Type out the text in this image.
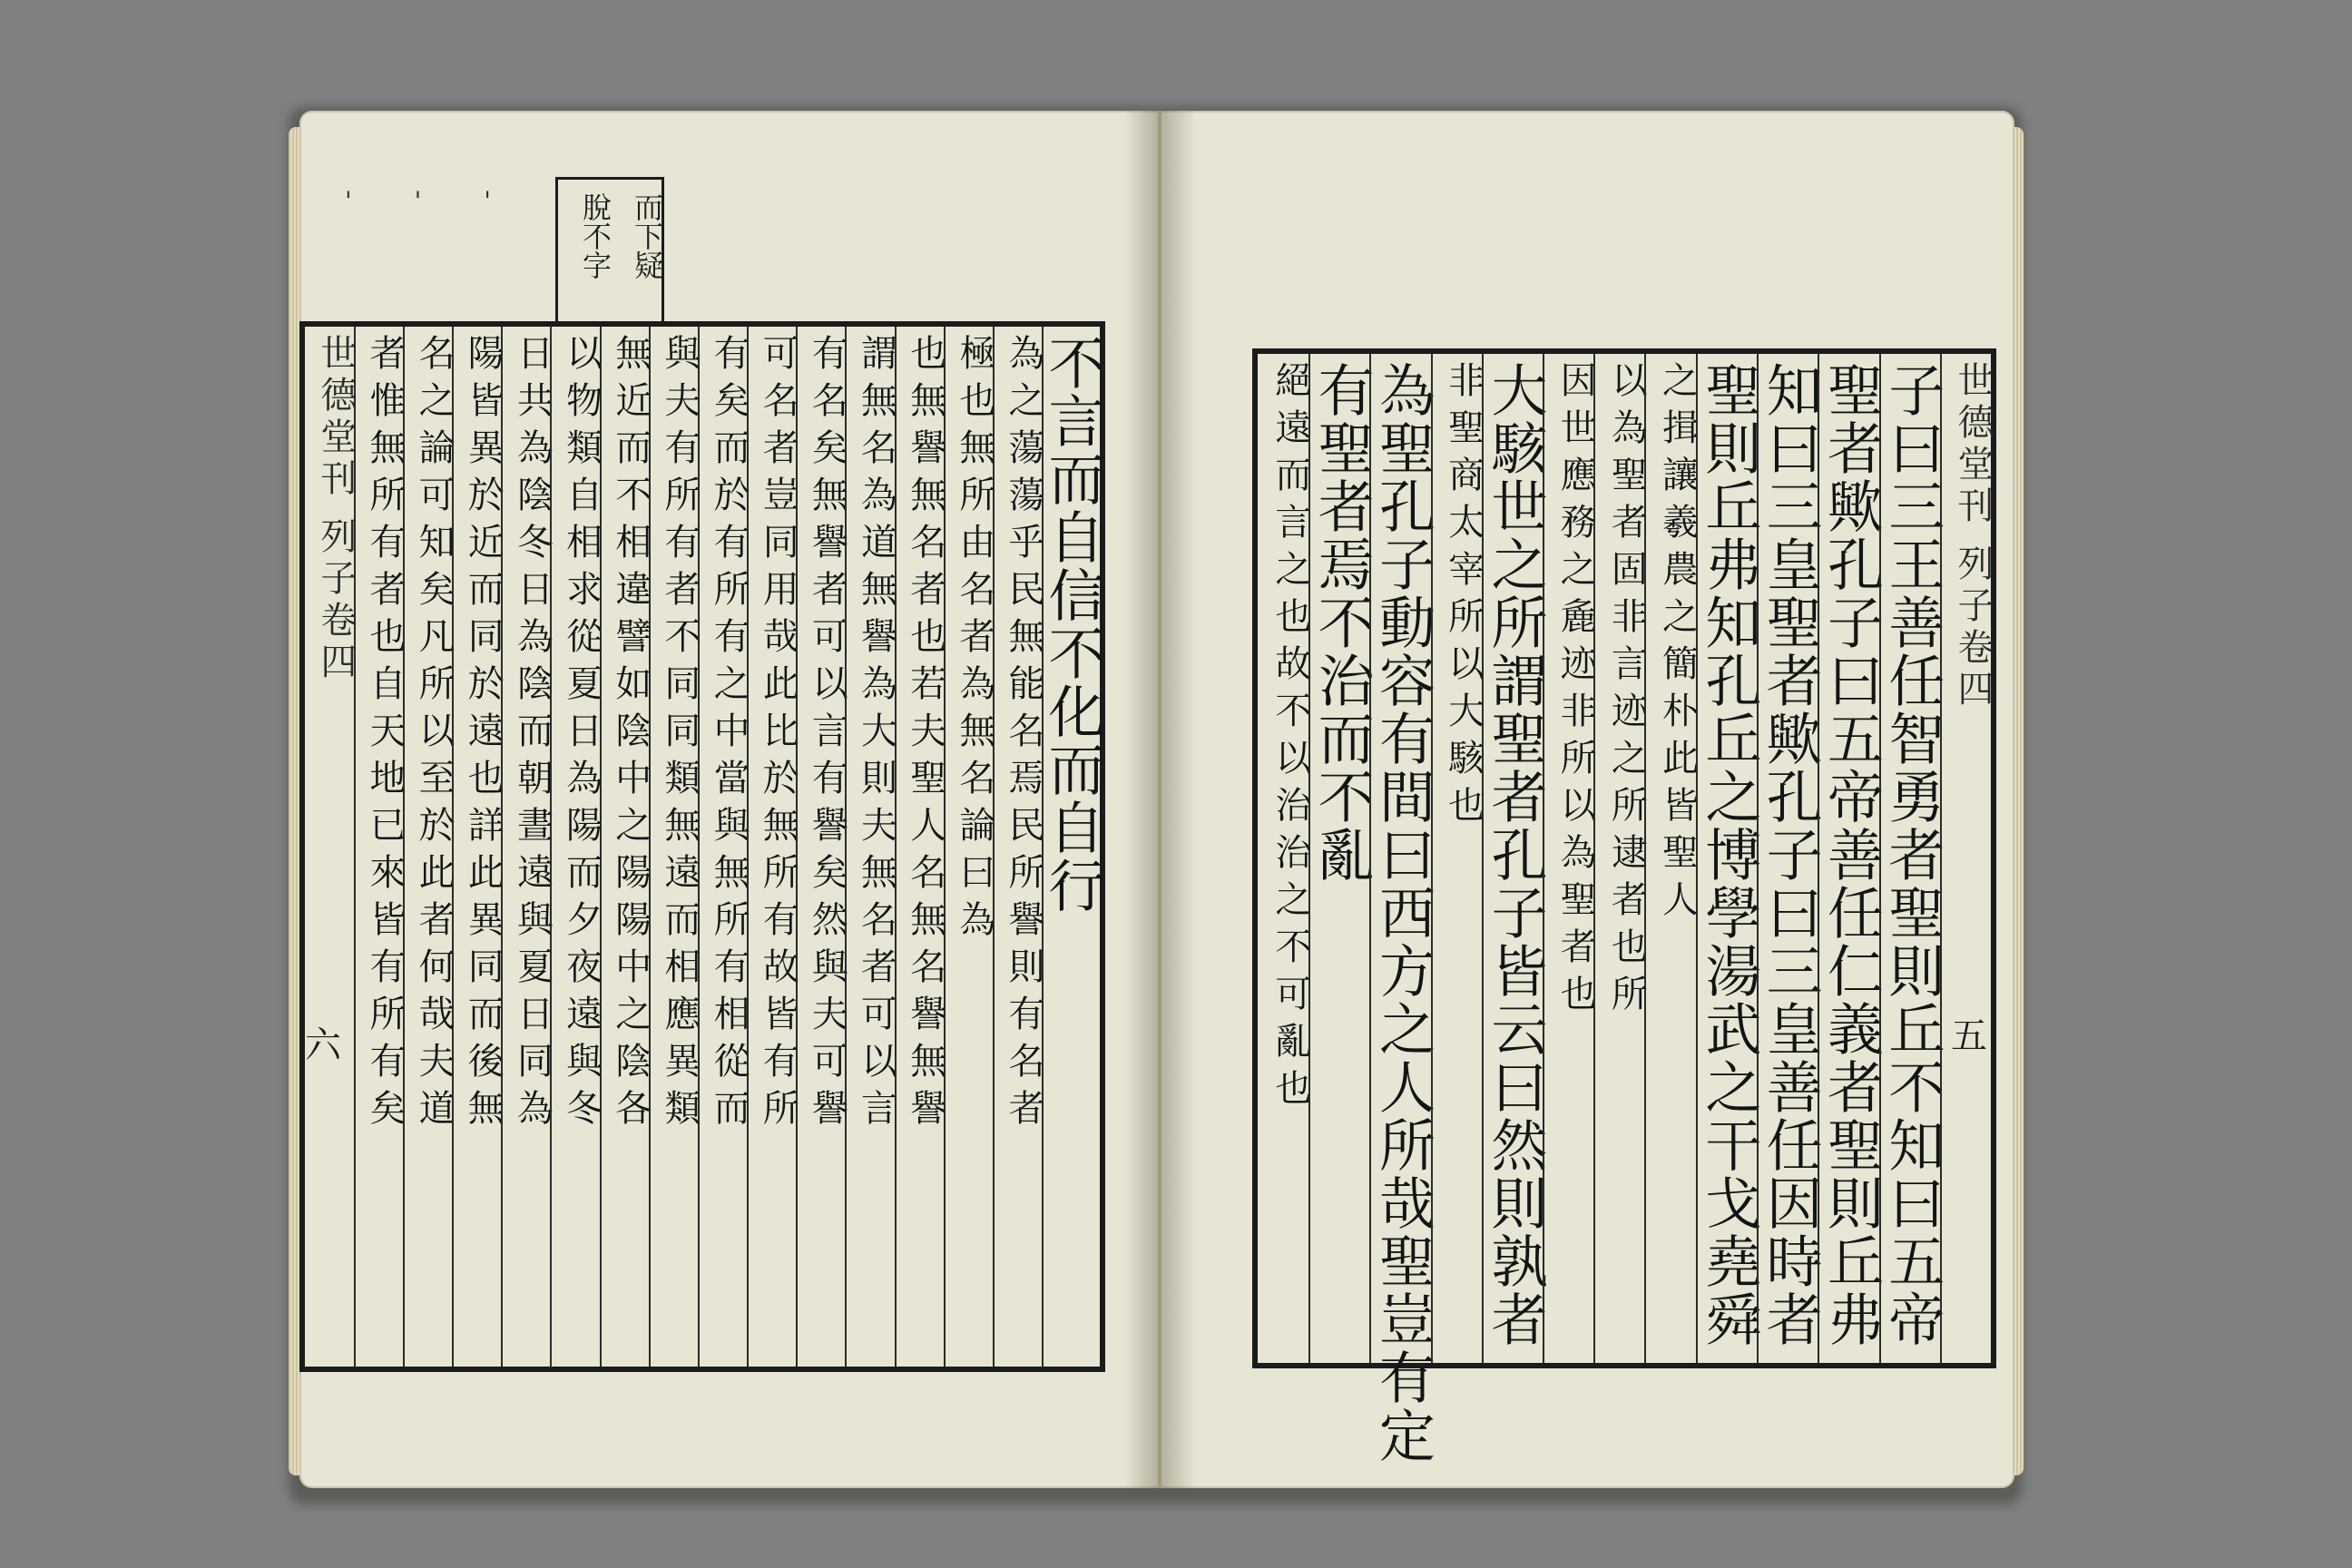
' ' ' '	而下疑
脫不字
不言而自信不化而自行
為之蕩蕩乎民無能名焉民所譽則有名者
極也無所由名者為無名論曰為
也無譽無名者也若夫聖人名無名譽無譽
謂無名為道無譽為大則夫無名者可以言
有名矣無譽者可以言有譽矣然與夫可譽
可名者豈同用哉此比於無所有故皆有所
有矣而於有所有之中當與無所有相從而
與夫有所有者不同同類無遠而相應異類
無近而不相違譬如陰中之陽陽中之陰各
以物類自相求從夏日為陽而夕夜遠與冬
日共為陰冬日為陰而朝晝遠與夏日同為
陽皆異於近而同於遠也詳此異同而後無
名之論可知矣凡所以至於此者何哉夫道
者惟無所有者也自天地已來皆有所有矣
世德堂刊列子卷四
世德堂刊列子卷四
子曰三王善任智勇者聖則丘不知曰五帝
聖者歟孔子曰五帝善任仁義者聖則丘弗
知曰三皇聖者歟孔子曰三皇善任因時者
聖則丘弗知孔丘之博學湯武之干戈堯舜
之揖讓羲農之簡朴此皆聖人
以為聖者固非言迹之所逮者也所
因世應務之麁迹非所以為聖者也
大駭世之所謂聖者孔子皆云曰然則孰者
非聖商太宰所以大駭也
為聖孔子動容有間曰西方之人所哉聖豈有定
有聖者焉不治而不亂
絕遠而言之也故不以治治之不可亂也
六	五
